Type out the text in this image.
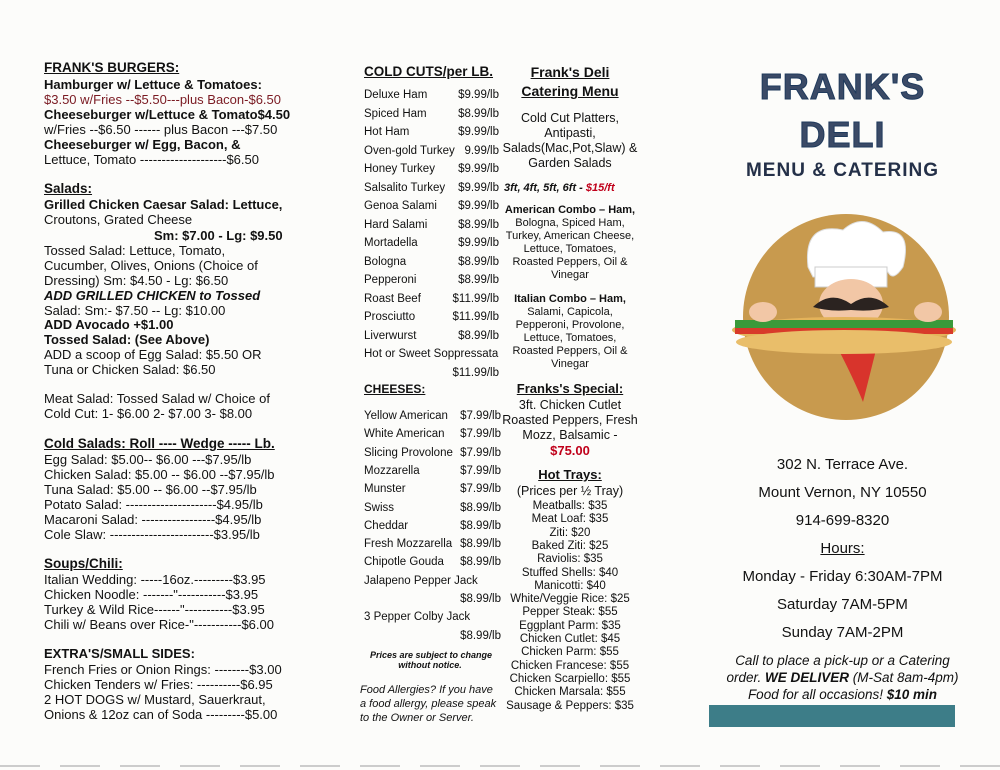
FRANK'S BURGERS:
Hamburger w/ Lettuce & Tomatoes:
$3.50 w/Fries --$5.50---plus Bacon-$6.50
Cheeseburger w/Lettuce & Tomato$4.50
w/Fries --$6.50 ------ plus Bacon ---$7.50
Cheeseburger w/ Egg, Bacon, &
Lettuce, Tomato --------------------$6.50
Salads:
Grilled Chicken Caesar Salad: Lettuce,
Croutons, Grated Cheese
Sm: $7.00 - Lg: $9.50
Tossed Salad: Lettuce, Tomato,
Cucumber, Olives, Onions (Choice of
Dressing) Sm: $4.50 - Lg: $6.50
ADD GRILLED CHICKEN to Tossed
Salad: Sm:- $7.50 -- Lg: $10.00
ADD Avocado +$1.00
Tossed Salad: (See Above)
ADD a scoop of Egg Salad: $5.50 OR
Tuna or Chicken Salad: $6.50
Meat Salad: Tossed Salad w/ Choice of
Cold Cut: 1- $6.00 2- $7.00 3- $8.00
Cold Salads: Roll ---- Wedge ----- Lb.
Egg Salad: $5.00-- $6.00 ---$7.95/lb
Chicken Salad: $5.00 -- $6.00 --$7.95/lb
Tuna Salad: $5.00 -- $6.00 --$7.95/lb
Potato Salad: ---------------------$4.95/lb
Macaroni Salad: -----------------$4.95/lb
Cole Slaw: ------------------------$3.95/lb
Soups/Chili:
Italian Wedding: -----16oz.---------$3.95
Chicken Noodle: -------"-----------$3.95
Turkey & Wild Rice------"-----------$3.95
Chili w/ Beans over Rice-"-----------$6.00
EXTRA'S/SMALL SIDES:
French Fries or Onion Rings: --------$3.00
Chicken Tenders w/ Fries: ----------$6.95
2 HOT DOGS w/ Mustard, Sauerkraut,
Onions & 12oz can of Soda ---------$5.00
COLD CUTS/per LB.
Deluxe Ham	$9.99/lb
Spiced Ham	$8.99/lb
Hot Ham	$9.99/lb
Oven-gold Turkey 9.99/lb
Honey Turkey	$9.99/lb
Salsalito Turkey	$9.99/lb
Genoa Salami	$9.99/lb
Hard Salami	$8.99/lb
Mortadella	$9.99/lb
Bologna	$8.99/lb
Pepperoni	$8.99/lb
Roast Beef	$11.99/lb
Prosciutto	$11.99/lb
Liverwurst	$8.99/lb
Hot or Sweet Soppressata
$11.99/lb
CHEESES:
Yellow American	$7.99/lb
White American	$7.99/lb
Slicing Provolone $7.99/lb
Mozzarella	$7.99/lb
Munster	$7.99/lb
Swiss	$8.99/lb
Cheddar	$8.99/lb
Fresh Mozzarella $8.99/lb
Chipotle Gouda	$8.99/lb
Jalapeno Pepper Jack
$8.99/lb
3 Pepper Colby Jack
$8.99/lb
Prices are subject to change
without notice.
Food Allergies? If you have
a food allergy, please speak
to the Owner or Server.
Frank's Deli
Catering Menu
Cold Cut Platters,
Antipasti,
Salads(Mac,Pot,Slaw) &
Garden Salads
3ft, 4ft, 5ft, 6ft - $15/ft
American Combo – Ham,
Bologna, Spiced Ham,
Turkey, American Cheese,
Lettuce, Tomatoes,
Roasted Peppers, Oil &
Vinegar
Italian Combo – Ham,
Salami, Capicola,
Pepperoni, Provolone,
Lettuce, Tomatoes,
Roasted Peppers, Oil &
Vinegar
Franks's Special:
3ft. Chicken Cutlet
Roasted Peppers, Fresh
Mozz, Balsamic -
$75.00
Hot Trays:
(Prices per ½ Tray)
Meatballs: $35
Meat Loaf: $35
Ziti: $20
Baked Ziti: $25
Raviolis: $35
Stuffed Shells: $40
Manicotti: $40
White/Veggie Rice: $25
Pepper Steak: $55
Eggplant Parm: $35
Chicken Cutlet: $45
Chicken Parm: $55
Chicken Francese: $55
Chicken Scarpiello: $55
Chicken Marsala: $55
Sausage & Peppers: $35
FRANK'S
DELI
MENU & CATERING
302 N. Terrace Ave.
Mount Vernon, NY 10550
914-699-8320
Hours:
Monday - Friday 6:30AM-7PM
Saturday 7AM-5PM
Sunday 7AM-2PM
Call to place a pick-up or a Catering
order. WE DELIVER (M-Sat 8am-4pm)
Food for all occasions! $10 min
